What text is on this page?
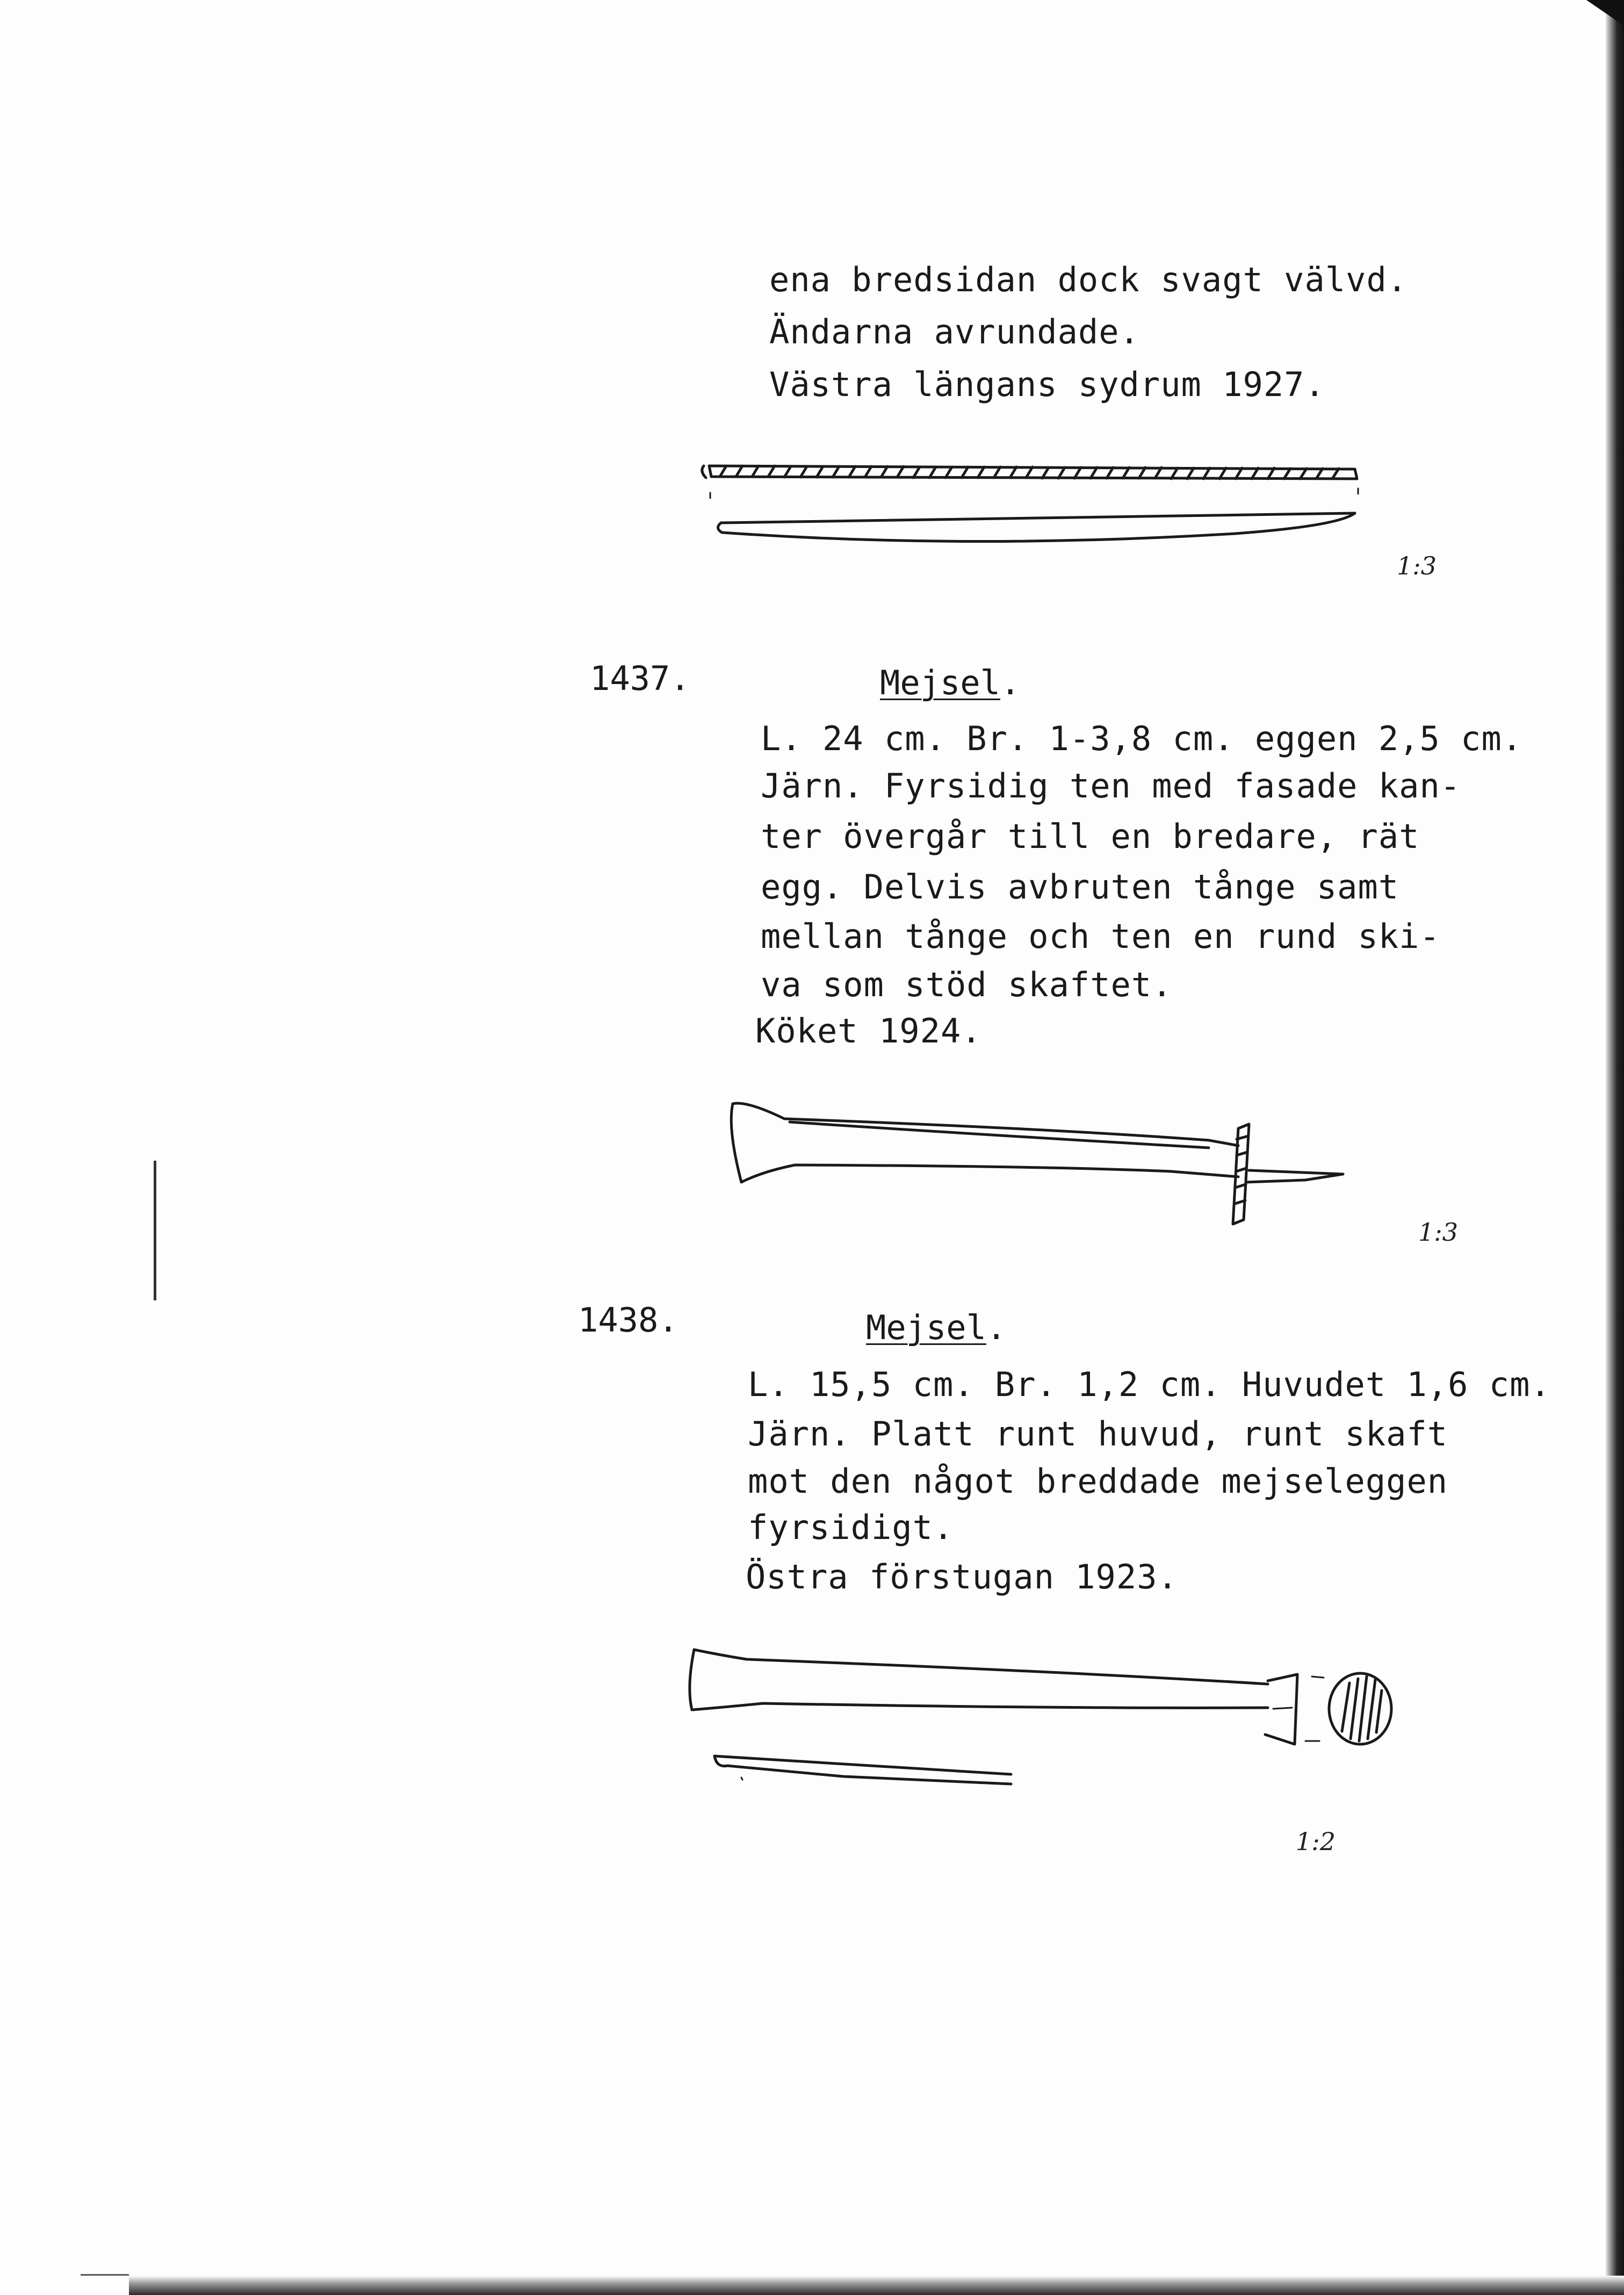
ena bredsidan dock svagt välvd.
Ändarna avrundade.
Västra längans sydrum 1927.
1:3
1437.	Mejsel .
L. 24 cm. Br. 1-3,8 cm. eggen 2,5 cm.
Järn. Fyrsidig ten med fasade kan-
ter övergår till en bredare, rät
egg. Delvis avbruten tånge samt
mellan tånge och ten en rund ski-
va som stöd skaftet.
Köket 1924.
1:3
1438.	Mejsel .
L. 15,5 cm. Br. 1,2 cm. Huvudet 1,6 cm.
Järn. Platt runt huvud, runt skaft
mot den något breddade mejseleggen
fyrsidigt.
Östra förstugan 1923.
1:2
